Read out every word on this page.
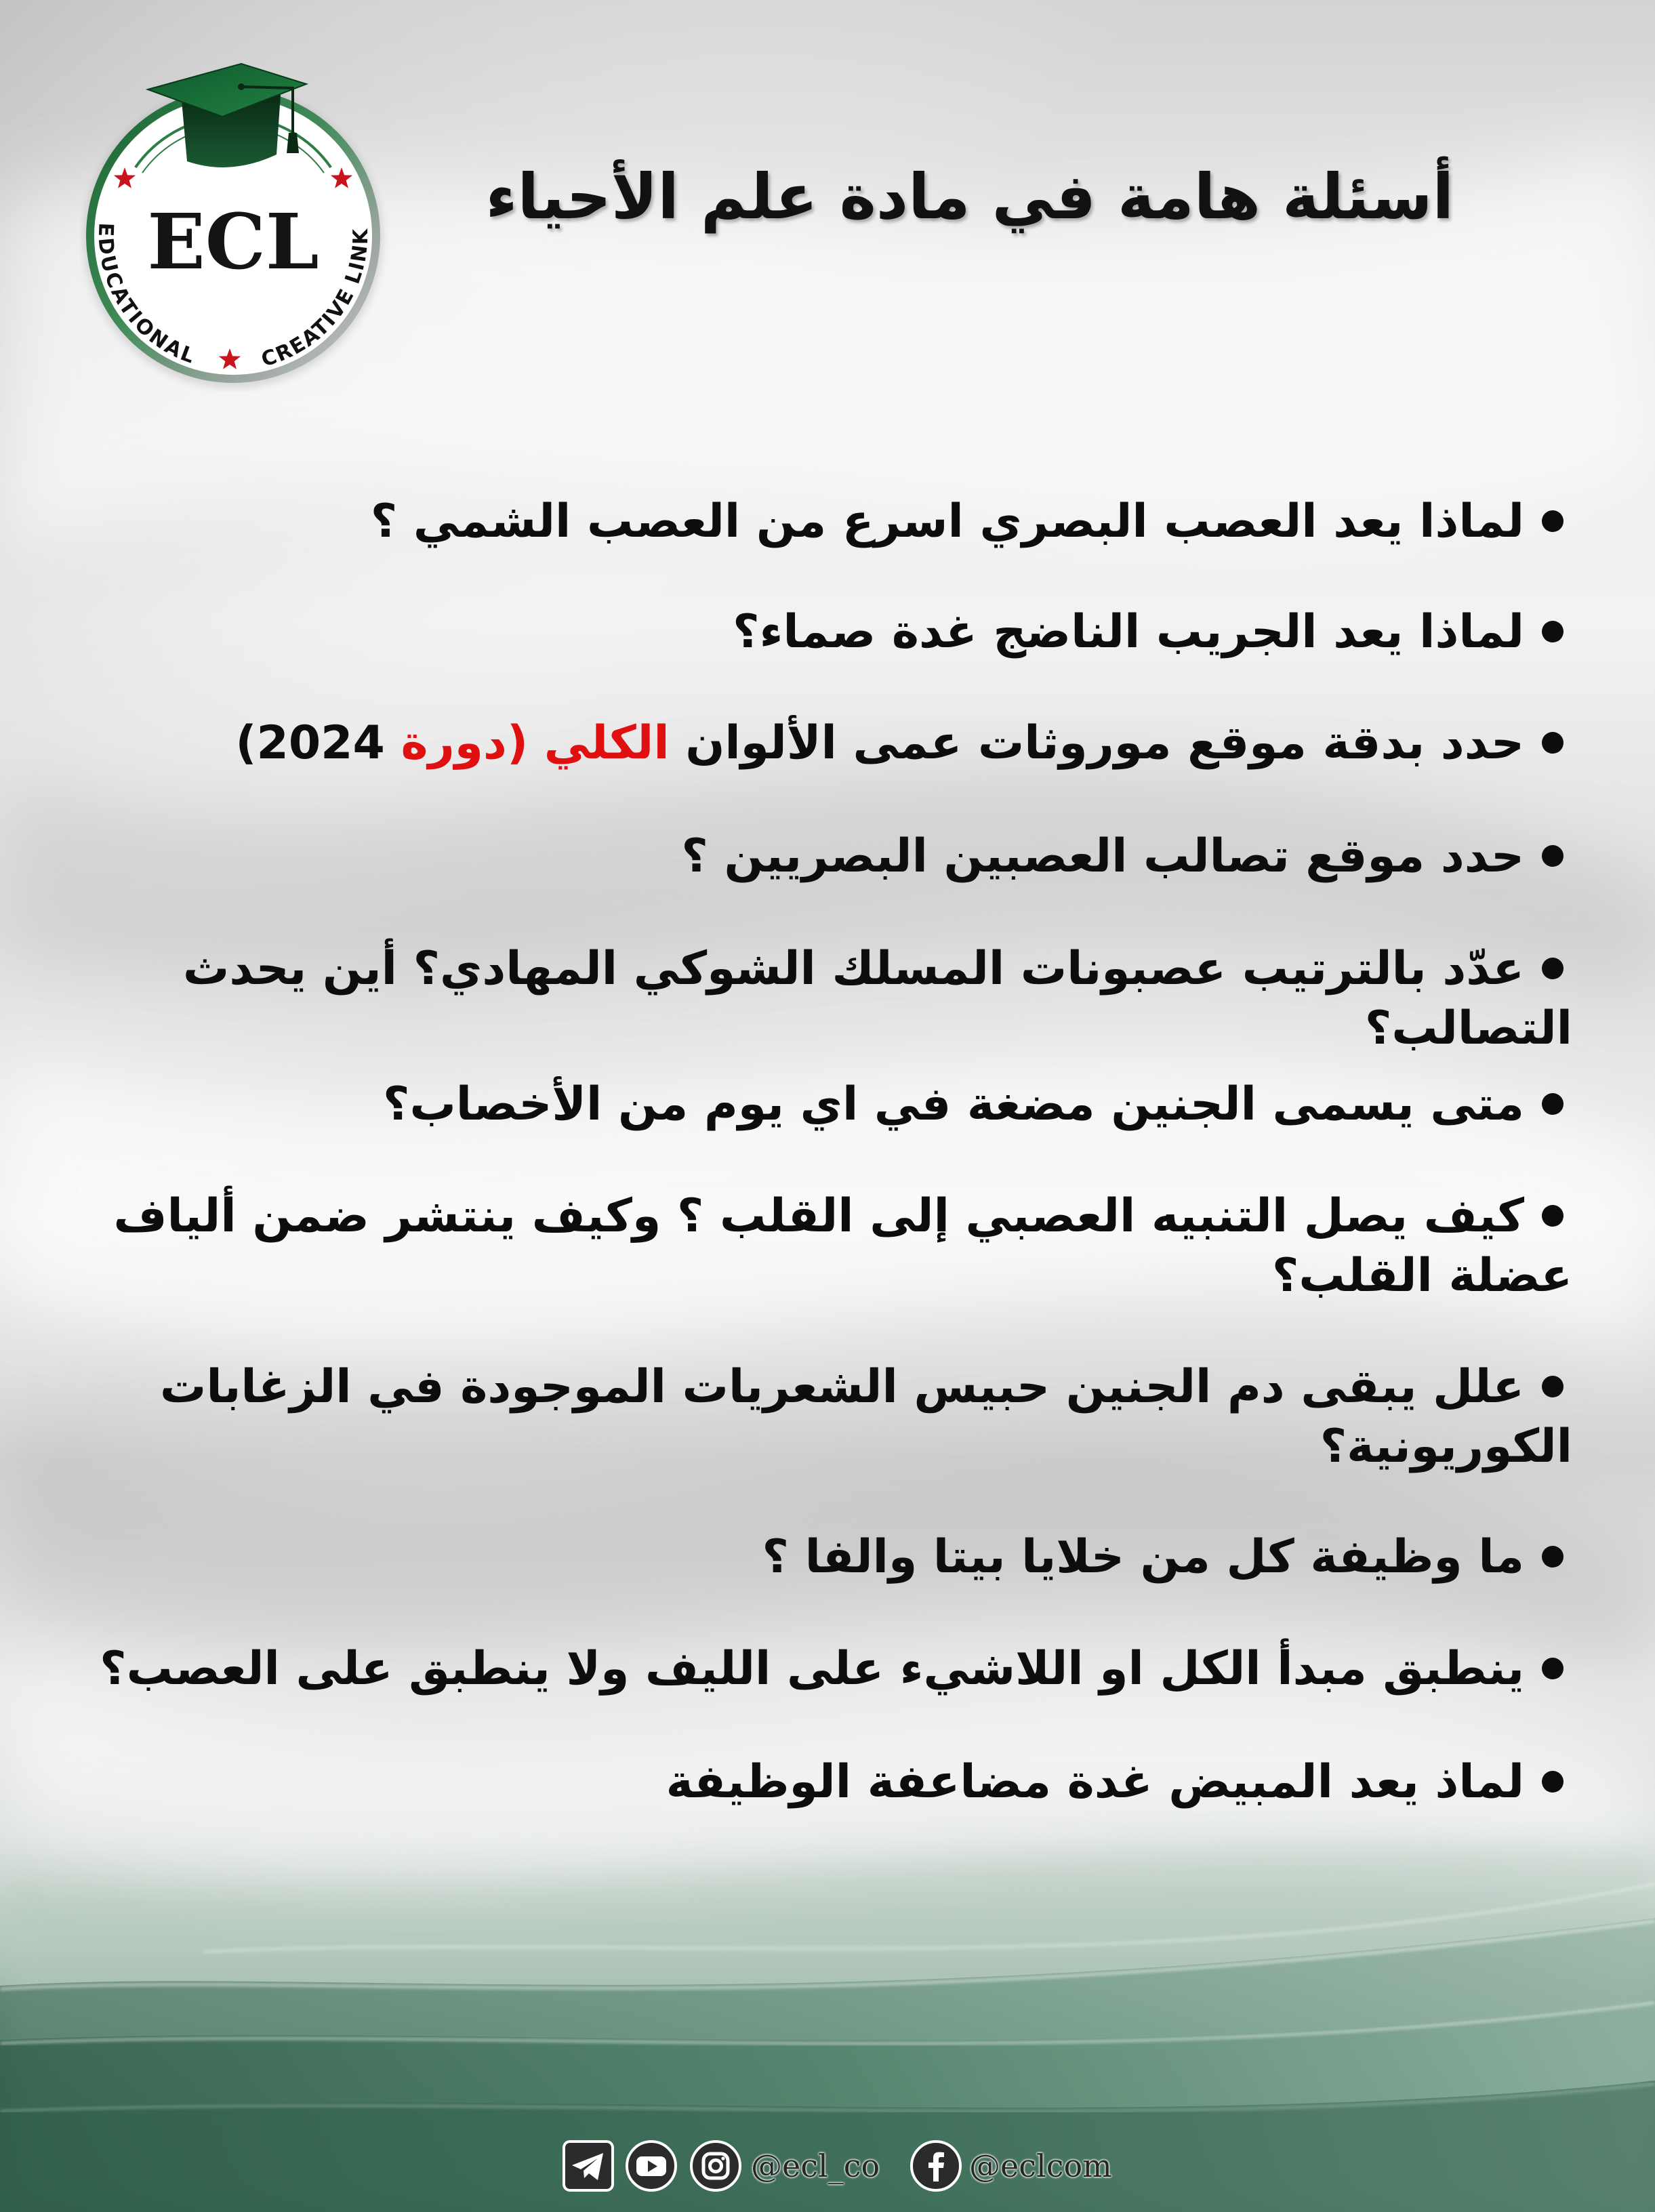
EDUCATIONAL	CREATIVE LINK
ECL
أسئلة هامة في مادة علم الأحياء
لماذا يعد العصب البصري اسرع من العصب الشمي ؟
لماذا يعد الجريب الناضج غدة صماء؟
حدد بدقة موقع موروثات عمى الألوان الكلي (دورة 2024)
حدد موقع تصالب العصبين البصريين ؟
عدّد بالترتيب عصبونات المسلك الشوكي المهادي؟ أين يحدث التصالب؟
متى يسمى الجنين مضغة في اي يوم من الأخصاب؟
كيف يصل التنبيه العصبي إلى القلب ؟ وكيف ينتشر ضمن ألياف
عضلة القلب؟
علل يبقى دم الجنين حبيس الشعريات الموجودة في الزغابات
الكوريونية؟
ما وظيفة كل من خلايا بيتا والفا ؟
ينطبق مبدأ الكل او اللاشيء على الليف ولا ينطبق على العصب؟
لماذ يعد المبيض غدة مضاعفة الوظيفة
@ecl_co	@eclcom
